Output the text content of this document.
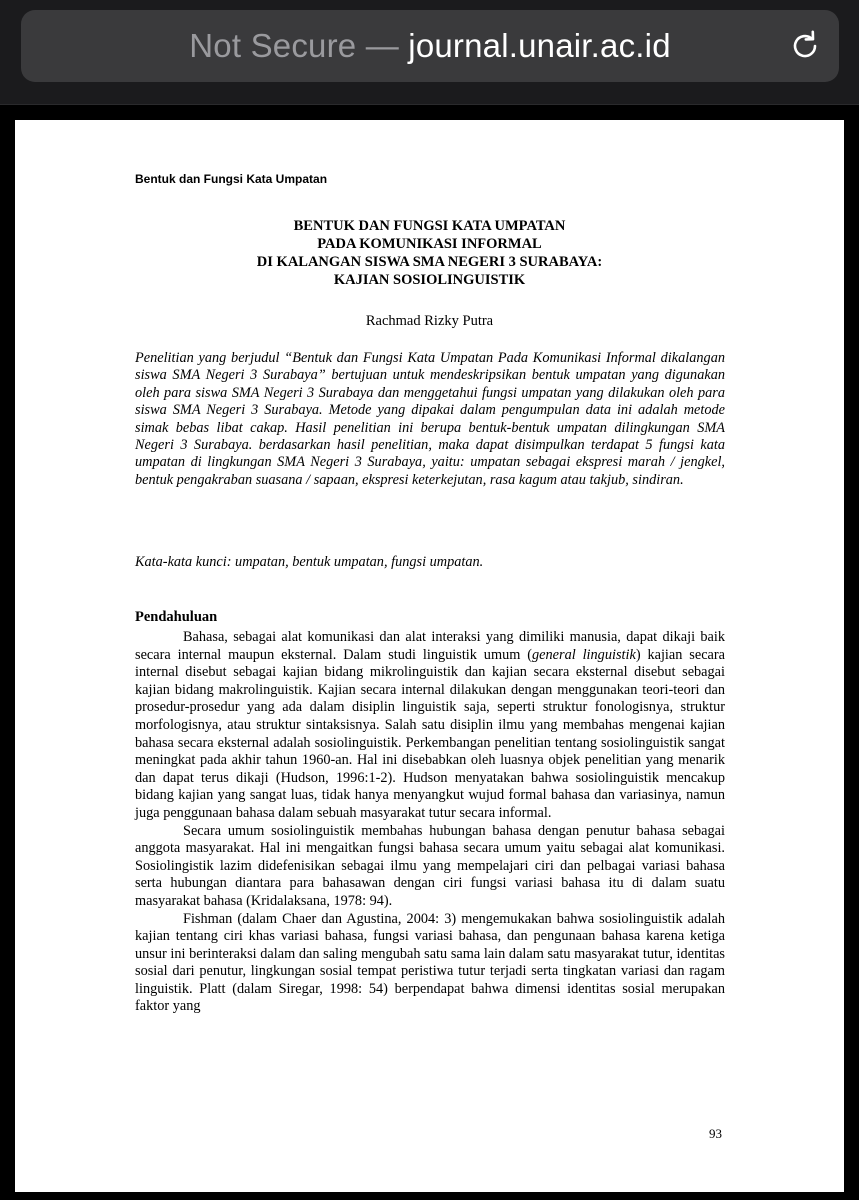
Not Secure — journal.unair.ac.id
Bentuk dan Fungsi Kata Umpatan
BENTUK DAN FUNGSI KATA UMPATAN
PADA KOMUNIKASI INFORMAL
DI KALANGAN SISWA SMA NEGERI 3 SURABAYA:
KAJIAN SOSIOLINGUISTIK
Rachmad Rizky Putra

Penelitian yang berjudul “Bentuk dan Fungsi Kata Umpatan Pada Komunikasi Informal dikalangan siswa SMA Negeri 3 Surabaya” bertujuan untuk mendeskripsikan bentuk umpatan yang digunakan oleh para siswa SMA Negeri 3 Surabaya dan menggetahui fungsi umpatan yang dilakukan oleh para siswa SMA Negeri 3 Surabaya. Metode yang dipakai dalam pengumpulan data ini adalah metode simak bebas libat cakap. Hasil penelitian ini berupa bentuk-bentuk umpatan dilingkungan SMA Negeri 3 Surabaya. berdasarkan hasil penelitian, maka dapat disimpulkan terdapat 5 fungsi kata umpatan di lingkungan SMA Negeri 3 Surabaya, yaitu: umpatan sebagai ekspresi marah / jengkel, bentuk pengakraban suasana / sapaan, ekspresi keterkejutan, rasa kagum atau takjub, sindiran.

Kata-kata kunci: umpatan, bentuk umpatan, fungsi umpatan.

Pendahuluan

Bahasa, sebagai alat komunikasi dan alat interaksi yang dimiliki manusia, dapat dikaji baik secara internal maupun eksternal. Dalam studi linguistik umum (general linguistik) kajian secara internal disebut sebagai kajian bidang mikrolinguistik dan kajian secara eksternal disebut sebagai kajian bidang makrolinguistik. Kajian secara internal dilakukan dengan menggunakan teori-teori dan prosedur-prosedur yang ada dalam disiplin linguistik saja, seperti struktur fonologisnya, struktur morfologisnya, atau struktur sintaksisnya. Salah satu disiplin ilmu yang membahas mengenai kajian bahasa secara eksternal adalah sosiolinguistik. Perkembangan penelitian tentang sosiolinguistik sangat meningkat pada akhir tahun 1960-an. Hal ini disebabkan oleh luasnya objek penelitian yang menarik dan dapat terus dikaji (Hudson, 1996:1-2). Hudson menyatakan bahwa sosiolinguistik mencakup bidang kajian yang sangat luas, tidak hanya menyangkut wujud formal bahasa dan variasinya, namun juga penggunaan bahasa dalam sebuah masyarakat tutur secara informal.

Secara umum sosiolinguistik membahas hubungan bahasa dengan penutur bahasa sebagai anggota masyarakat. Hal ini mengaitkan fungsi bahasa secara umum yaitu sebagai alat komunikasi. Sosiolingistik lazim didefenisikan sebagai ilmu yang mempelajari ciri dan pelbagai variasi bahasa serta hubungan diantara para bahasawan dengan ciri fungsi variasi bahasa itu di dalam suatu masyarakat bahasa (Kridalaksana, 1978: 94).

Fishman (dalam Chaer dan Agustina, 2004: 3) mengemukakan bahwa sosiolinguistik adalah kajian tentang ciri khas variasi bahasa, fungsi variasi bahasa, dan pengunaan bahasa karena ketiga unsur ini berinteraksi dalam dan saling mengubah satu sama lain dalam satu masyarakat tutur, identitas sosial dari penutur, lingkungan sosial tempat peristiwa tutur terjadi serta tingkatan variasi dan ragam linguistik. Platt (dalam Siregar, 1998: 54) berpendapat bahwa dimensi identitas sosial merupakan faktor yang

93
